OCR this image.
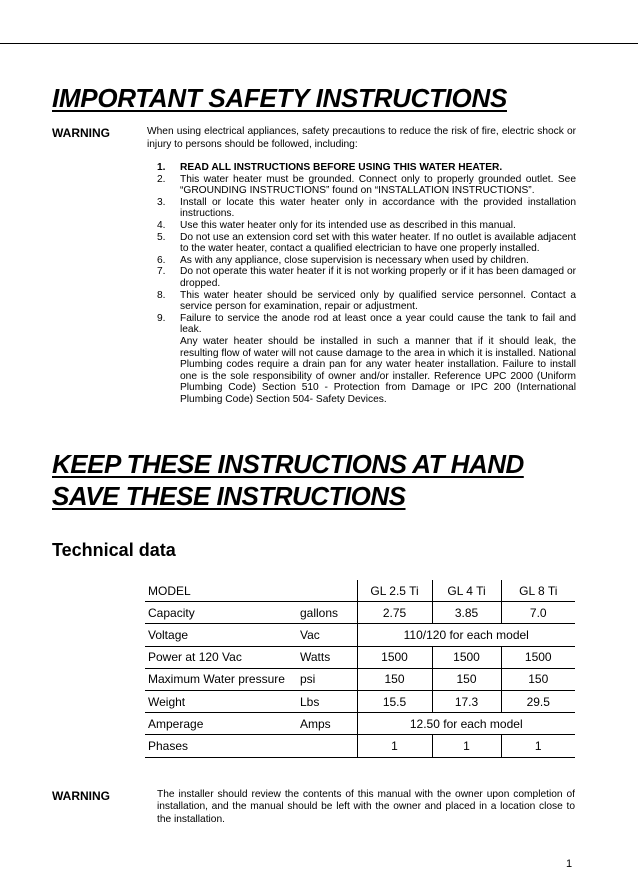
IMPORTANT SAFETY INSTRUCTIONS
WARNING	When using electrical appliances, safety precautions to reduce the risk of fire, electric shock or injury to persons should be followed, including:
1. READ ALL INSTRUCTIONS BEFORE USING THIS WATER HEATER.
2. This water heater must be grounded. Connect only to properly grounded outlet. See “GROUNDING INSTRUCTIONS” found on “INSTALLATION INSTRUCTIONS”.
3. Install or locate this water heater only in accordance with the provided installation instructions.
4. Use this water heater only for its intended use as described in this manual.
5. Do not use an extension cord set with this water heater. If no outlet is available adjacent to the water heater, contact a qualified electrician to have one properly installed.
6. As with any appliance, close supervision is necessary when used by children.
7. Do not operate this water heater if it is not working properly or if it has been damaged or dropped.
8. This water heater should be serviced only by qualified service personnel. Contact a service person for examination, repair or adjustment.
9. Failure to service the anode rod at least once a year could cause the tank to fail and leak.

Any water heater should be installed in such a manner that if it should leak, the resulting flow of water will not cause damage to the area in which it is installed. National Plumbing codes require a drain pan for any water heater installation. Failure to install one is the sole responsibility of owner and/or installer. Reference UPC 2000 (Uniform Plumbing Code) Section 510 - Protection from Damage or IPC 200 (International Plumbing Code) Section 504- Safety Devices.

KEEP THESE INSTRUCTIONS AT HAND
SAVE THESE INSTRUCTIONS
Technical data
MODEL		GL 2.5 Ti	GL 4 Ti	GL 8 Ti
Capacity	gallons	2.75	3.85	7.0
Voltage	Vac	110/120 for each model		
Power at 120 Vac	Watts	1500	1500	1500
Maximum Water pressure	psi	150	150	150
Weight	Lbs	15.5	17.3	29.5
Amperage	Amps	12.50 for each model		
Phases		1	1	1
WARNING	The installer should review the contents of this manual with the owner upon completion of installation, and the manual should be left with the owner and placed in a location close to the installation.
1
